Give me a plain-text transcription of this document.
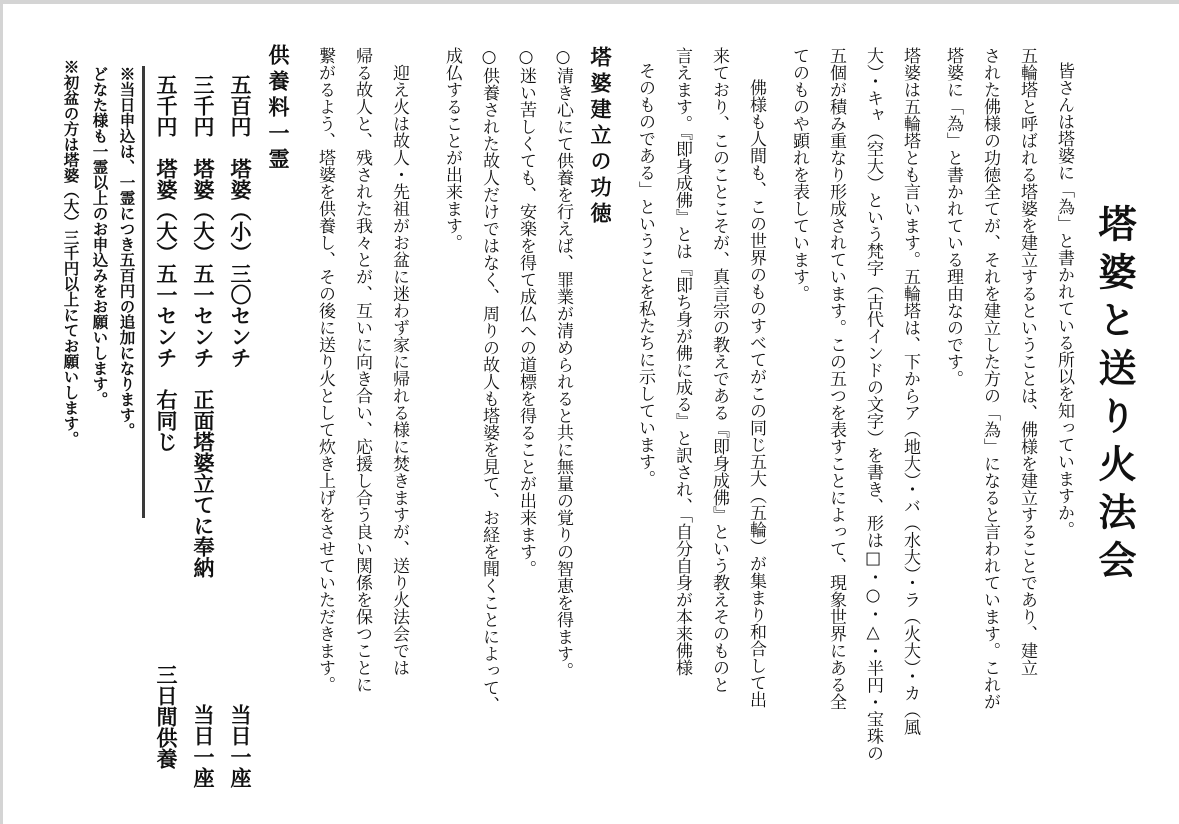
塔婆と送り火法会
皆さんは塔婆に「為」と書かれている所以を知っていますか。
五輪塔と呼ばれる塔婆を建立するということは、佛様を建立することであり、建立
された佛様の功徳全てが、それを建立した方の「為」になると言われています。これが
塔婆に「為」と書かれている理由なのです。
塔婆は五輪塔とも言います。五輪塔は、下からア（地大）・バ（水大）・ラ（火大）・カ（風
大）・キャ（空大）という梵字（古代インドの文字）を書き、形は□・○・△・半円・宝珠の
五個が積み重なり形成されています。この五つを表すことによって、現象世界にある全
てのものや顕れを表しています。
　佛様も人間も、この世界のものすべてがこの同じ五大（五輪）が集まり和合して出
来ており、このことこそが、真言宗の教えである『即身成佛』という教えそのものと
言えます。『即身成佛』とは『即ち身が佛に成る』と訳され、「自分自身が本来佛様
そのものである」ということを私たちに示しています。
塔婆建立の功徳
○清き心にて供養を行えば、罪業が清められると共に無量の覚りの智恵を得ます。
○迷い苦しくても、安楽を得て成仏への道標を得ることが出来ます。
○供養された故人だけではなく、周りの故人も塔婆を見て、お経を聞くことによって、
成仏することが出来ます。
　迎え火は故人・先祖がお盆に迷わず家に帰れる様に焚きますが、送り火法会では
帰る故人と、残された我々とが、互いに向き合い、応援し合う良い関係を保つことに
繋がるよう、塔婆を供養し、その後に送り火として炊き上げをさせていただきます。
供養料一霊
五百円　塔婆（小）三〇センチ
当日一座
三千円　塔婆（大）五一センチ　正面塔婆立てに奉納
当日一座
五千円　塔婆（大）五一センチ　右同じ
三日間供養
※当日申込は、一霊につき五百円の追加になります。
どなた様も一霊以上のお申込みをお願いします。
※初盆の方は塔婆（大）三千円以上にてお願いします。
